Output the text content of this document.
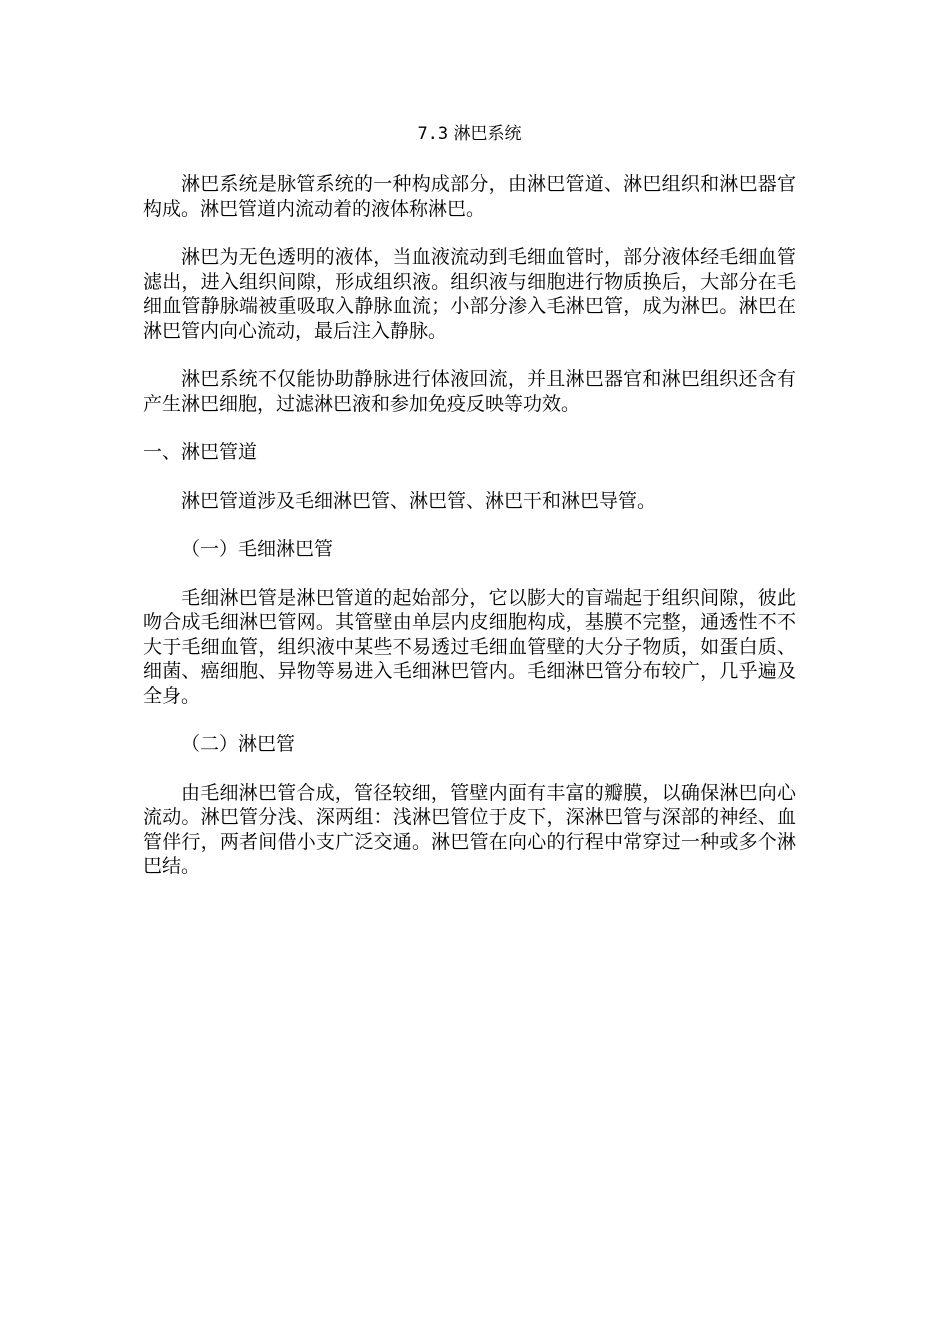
7.3 淋巴系统

淋巴系统是脉管系统的一种构成部分，由淋巴管道、淋巴组织和淋巴器官构成。淋巴管道内流动着的液体称淋巴。

淋巴为无色透明的液体，当血液流动到毛细血管时，部分液体经毛细血管滤出，进入组织间隙，形成组织液。组织液与细胞进行物质换后，大部分在毛细血管静脉端被重吸取入静脉血流；小部分渗入毛淋巴管，成为淋巴。淋巴在淋巴管内向心流动，最后注入静脉。

淋巴系统不仅能协助静脉进行体液回流，并且淋巴器官和淋巴组织还含有产生淋巴细胞，过滤淋巴液和参加免疫反映等功效。

一、淋巴管道

淋巴管道涉及毛细淋巴管、淋巴管、淋巴干和淋巴导管。

（一）毛细淋巴管

毛细淋巴管是淋巴管道的起始部分，它以膨大的盲端起于组织间隙，彼此吻合成毛细淋巴管网。其管壁由单层内皮细胞构成，基膜不完整，通透性不不大于毛细血管，组织液中某些不易透过毛细血管壁的大分子物质，如蛋白质、细菌、癌细胞、异物等易进入毛细淋巴管内。毛细淋巴管分布较广，几乎遍及全身。

（二）淋巴管

由毛细淋巴管合成，管径较细，管壁内面有丰富的瓣膜，以确保淋巴向心流动。淋巴管分浅、深两组：浅淋巴管位于皮下，深淋巴管与深部的神经、血管伴行，两者间借小支广泛交通。淋巴管在向心的行程中常穿过一种或多个淋巴结。
